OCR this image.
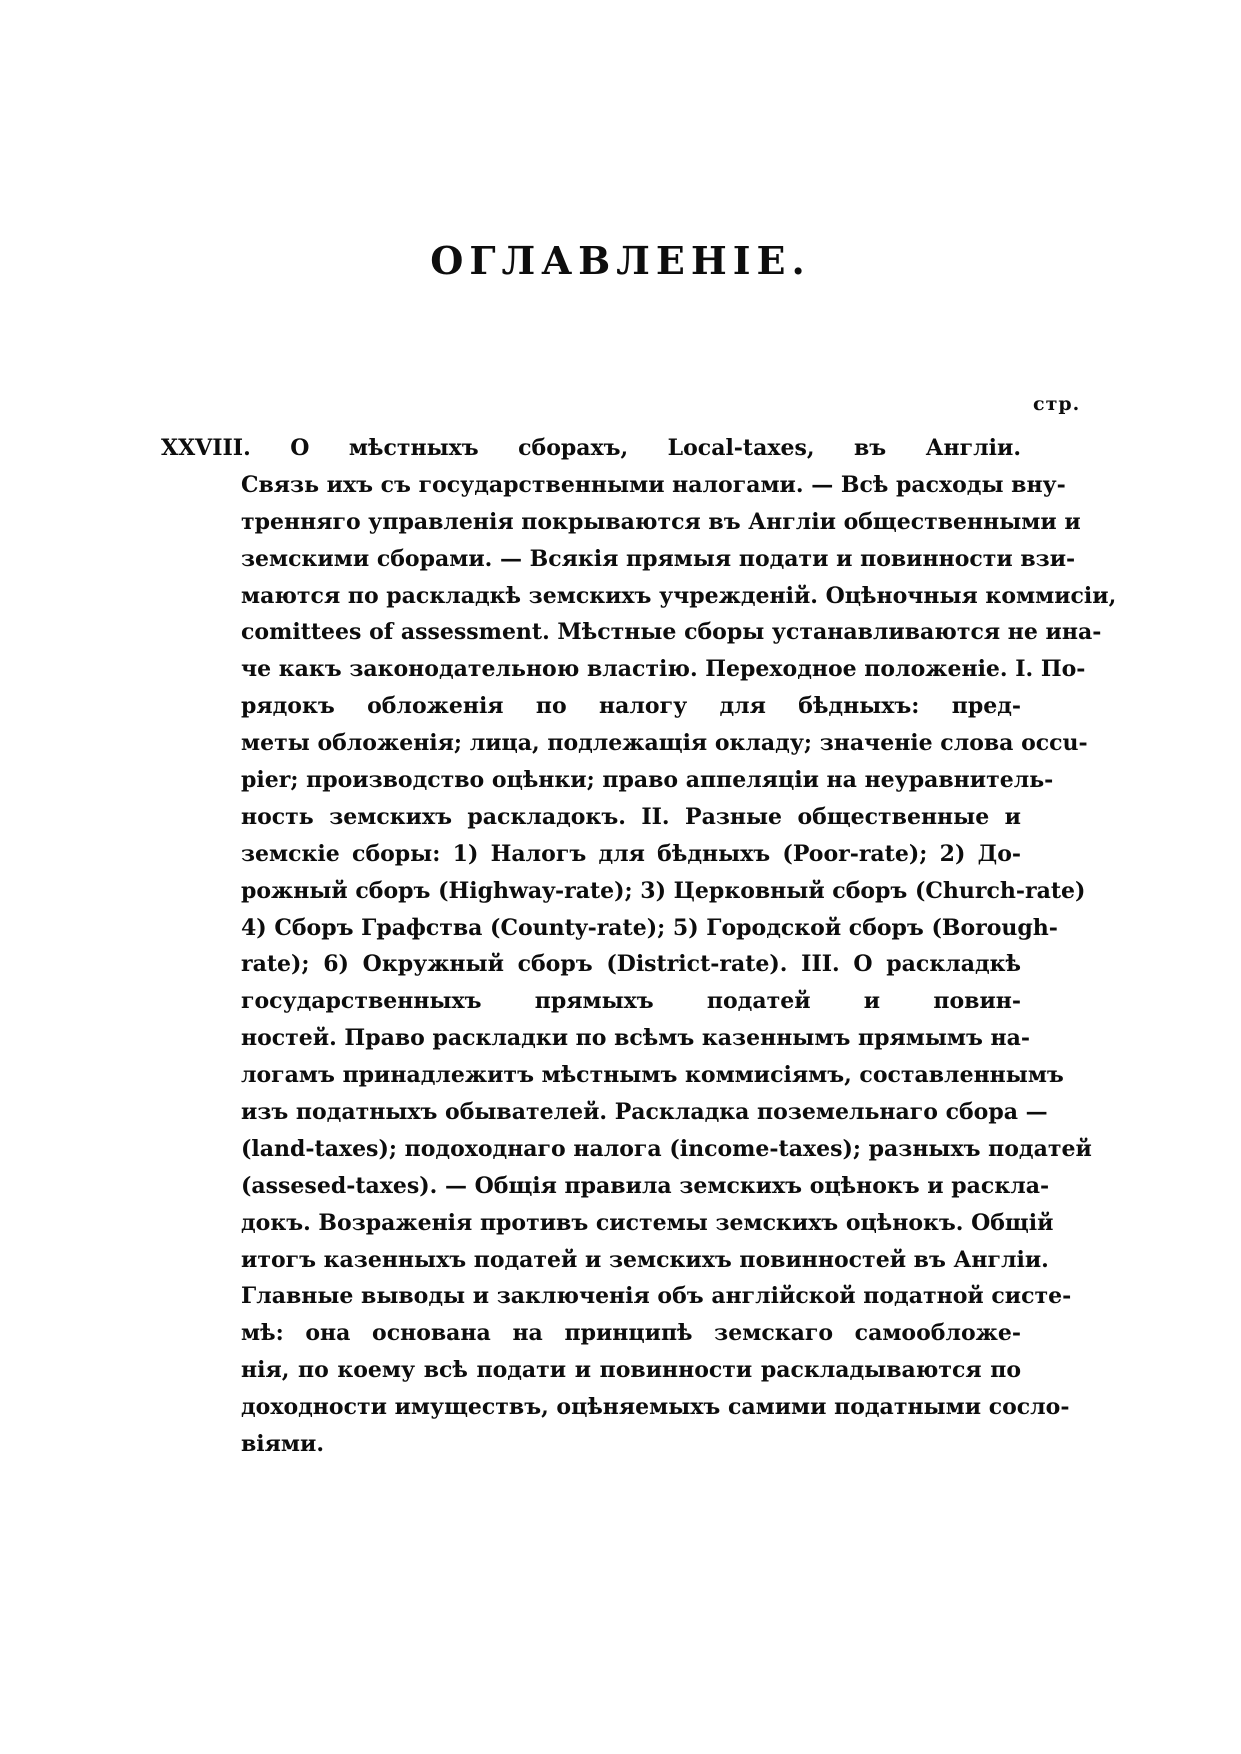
ОГЛАВЛЕНIЕ.
стр.
XXVIII. О мѣстныхъ сборахъ, Local-taxes, въ Англiи.
Связь ихъ съ государственными налогами. — Всѣ расходы вну-
тренняго управленiя покрываются въ Англiи общественными и
земскими сборами. — Всякiя прямыя подати и повинности взи-
маются по раскладкѣ земскихъ учрежденiй. Оцѣночныя коммисiи,
comittees of assessment. Мѣстные сборы устанавливаются не ина-
че какъ законодательною властiю. Переходное положенiе. I. По-
рядокъ обложенiя по налогу для бѣдныхъ: пред-
меты обложенiя; лица, подлежащiя окладу; значенiе слова occu-
pier; производство оцѣнки; право аппеляцiи на неуравнитель-
ность земскихъ раскладокъ. II. Разные общественные и
земскiе сборы: 1) Налогъ для бѣдныхъ (Poor-rate); 2) До-
рожный сборъ (Highway-rate); 3) Церковный сборъ (Church-rate)
4) Сборъ Графства (County-rate); 5) Городской сборъ (Borough-
rate); 6) Окружный сборъ (District-rate). III. О раскладкѣ
государственныхъ прямыхъ податей и повин-
ностей. Право раскладки по всѣмъ казеннымъ прямымъ на-
логамъ принадлежитъ мѣстнымъ коммисiямъ, составленнымъ
изъ податныхъ обывателей. Раскладка поземельнаго сбора —
(land-taxes); подоходнаго налога (income-taxes); разныхъ податей
(assesed-taxes). — Общiя правила земскихъ оцѣнокъ и раскла-
докъ. Возраженiя противъ системы земскихъ оцѣнокъ. Общiй
итогъ казенныхъ податей и земскихъ повинностей въ Англiи.
Главные выводы и заключенiя объ англiйской податной систе-
мѣ: она основана на принципѣ земскаго самообложе-
нiя, по коему всѣ подати и повинности раскладываются по
доходности имуществъ, оцѣняемыхъ самими податными сосло-
вiями.
